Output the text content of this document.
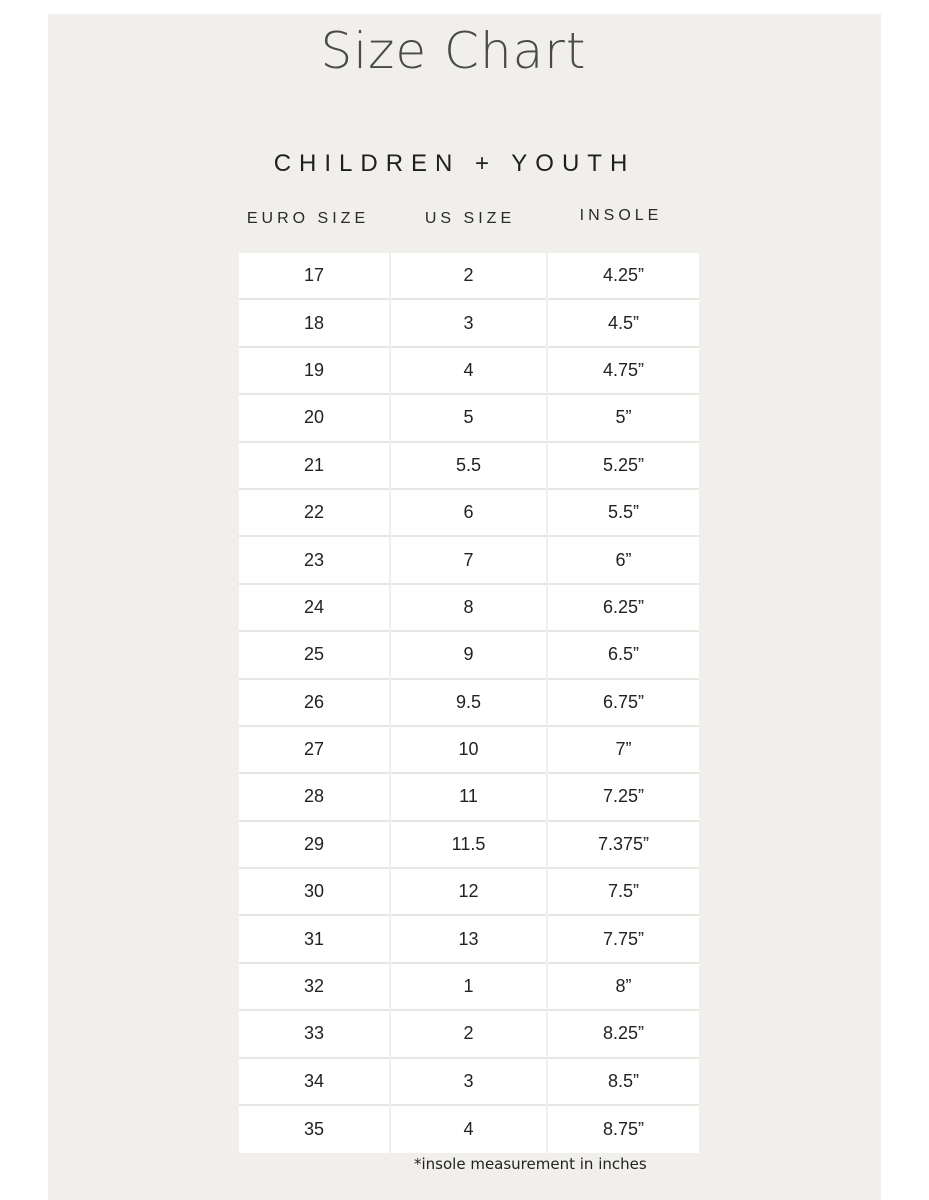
Size Chart
CHILDREN + YOUTH
EURO SIZE	US SIZE	INSOLE
17	2	4.25”
18	3	4.5”
19	4	4.75”
20	5	5”
21	5.5	5.25”
22	6	5.5”
23	7	6”
24	8	6.25”
25	9	6.5”
26	9.5	6.75”
27	10	7”
28	11	7.25”
29	11.5	7.375”
30	12	7.5”
31	13	7.75”
32	1	8”
33	2	8.25”
34	3	8.5”
35	4	8.75”
*insole measurement in inches
